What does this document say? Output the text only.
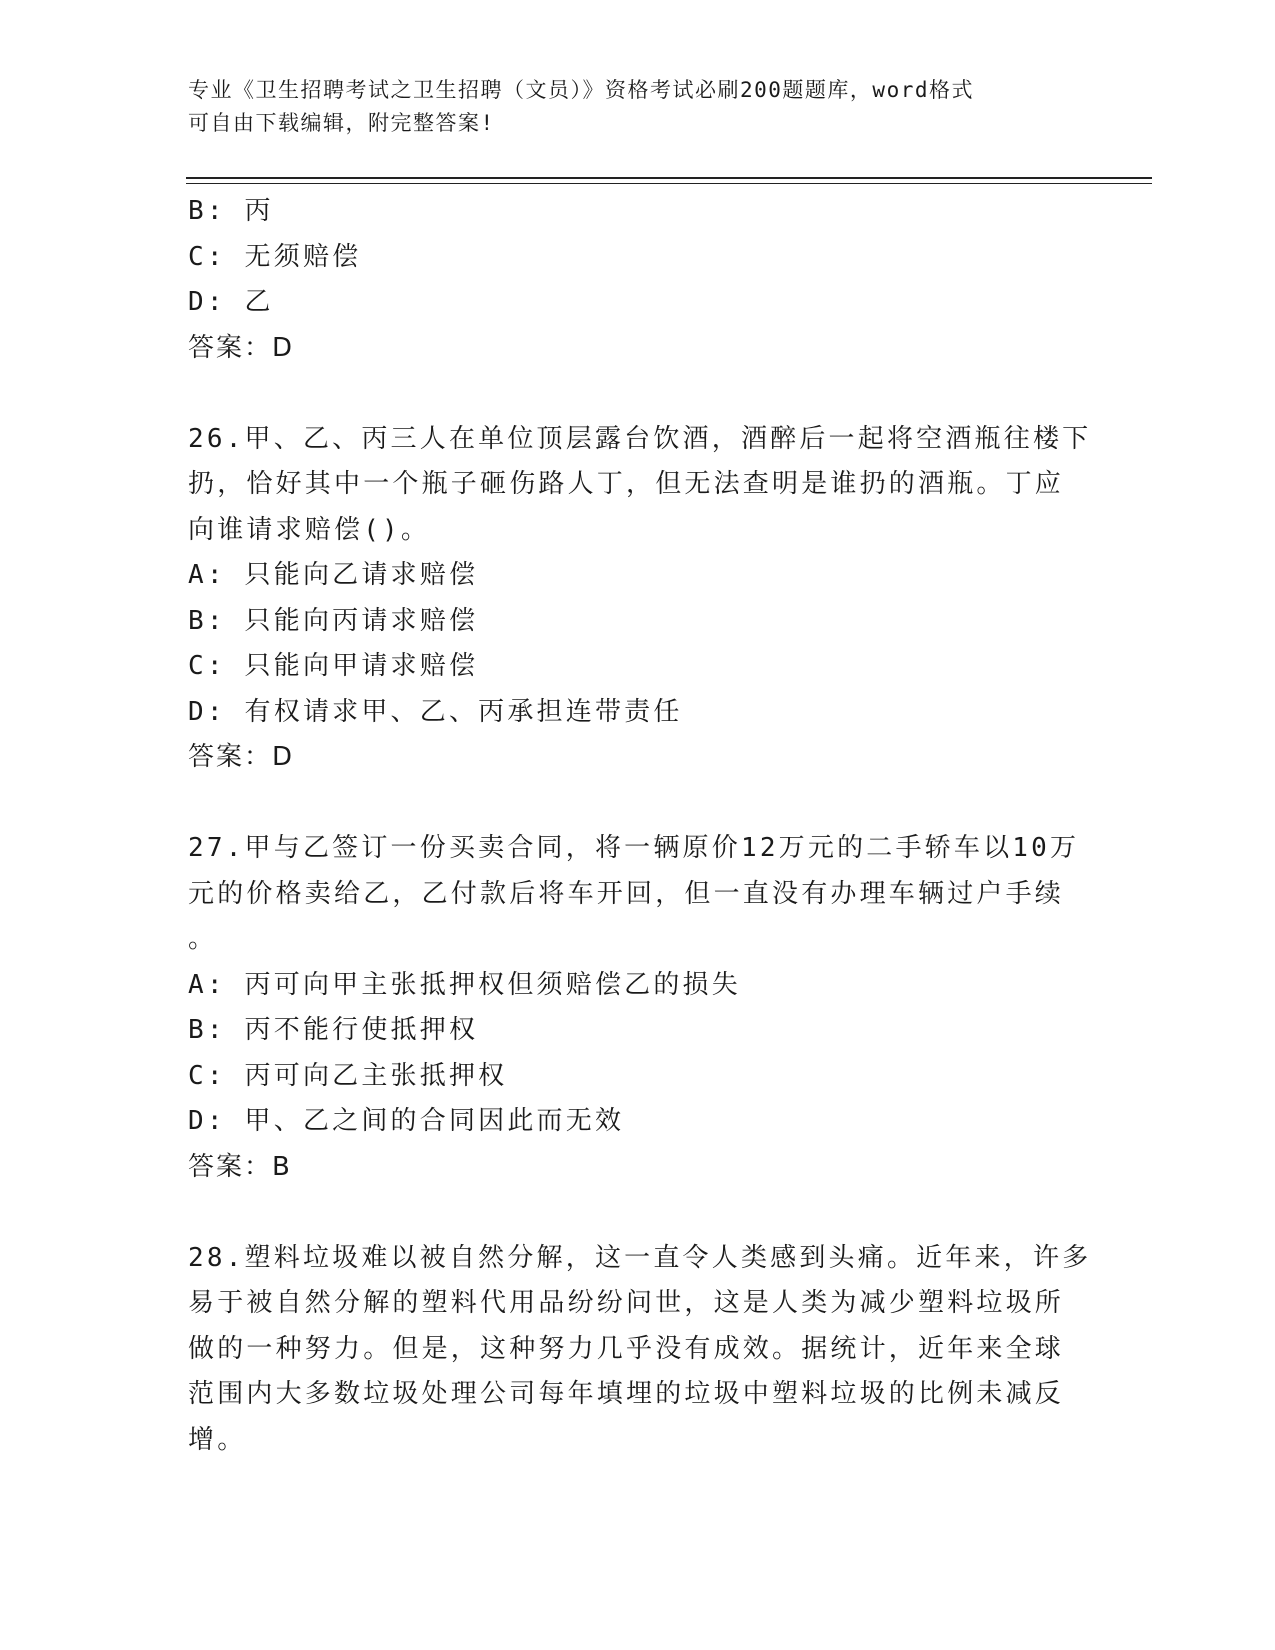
专业《卫生招聘考试之卫生招聘（文员）》资格考试必刷200题题库，word格式
可自由下载编辑，附完整答案!
B: 丙
C: 无须赔偿
D: 乙
答案：D
26.甲、乙、丙三人在单位顶层露台饮酒，酒醉后一起将空酒瓶往楼下
扔，恰好其中一个瓶子砸伤路人丁，但无法查明是谁扔的酒瓶。丁应
向谁请求赔偿()。
A: 只能向乙请求赔偿
B: 只能向丙请求赔偿
C: 只能向甲请求赔偿
D: 有权请求甲、乙、丙承担连带责任
答案：D
27.甲与乙签订一份买卖合同，将一辆原价12万元的二手轿车以10万
元的价格卖给乙，乙付款后将车开回，但一直没有办理车辆过户手续
。
A: 丙可向甲主张抵押权但须赔偿乙的损失
B: 丙不能行使抵押权
C: 丙可向乙主张抵押权
D: 甲、乙之间的合同因此而无效
答案：B
28.塑料垃圾难以被自然分解，这一直令人类感到头痛。近年来，许多
易于被自然分解的塑料代用品纷纷问世，这是人类为减少塑料垃圾所
做的一种努力。但是，这种努力几乎没有成效。据统计，近年来全球
范围内大多数垃圾处理公司每年填埋的垃圾中塑料垃圾的比例未减反
增。
